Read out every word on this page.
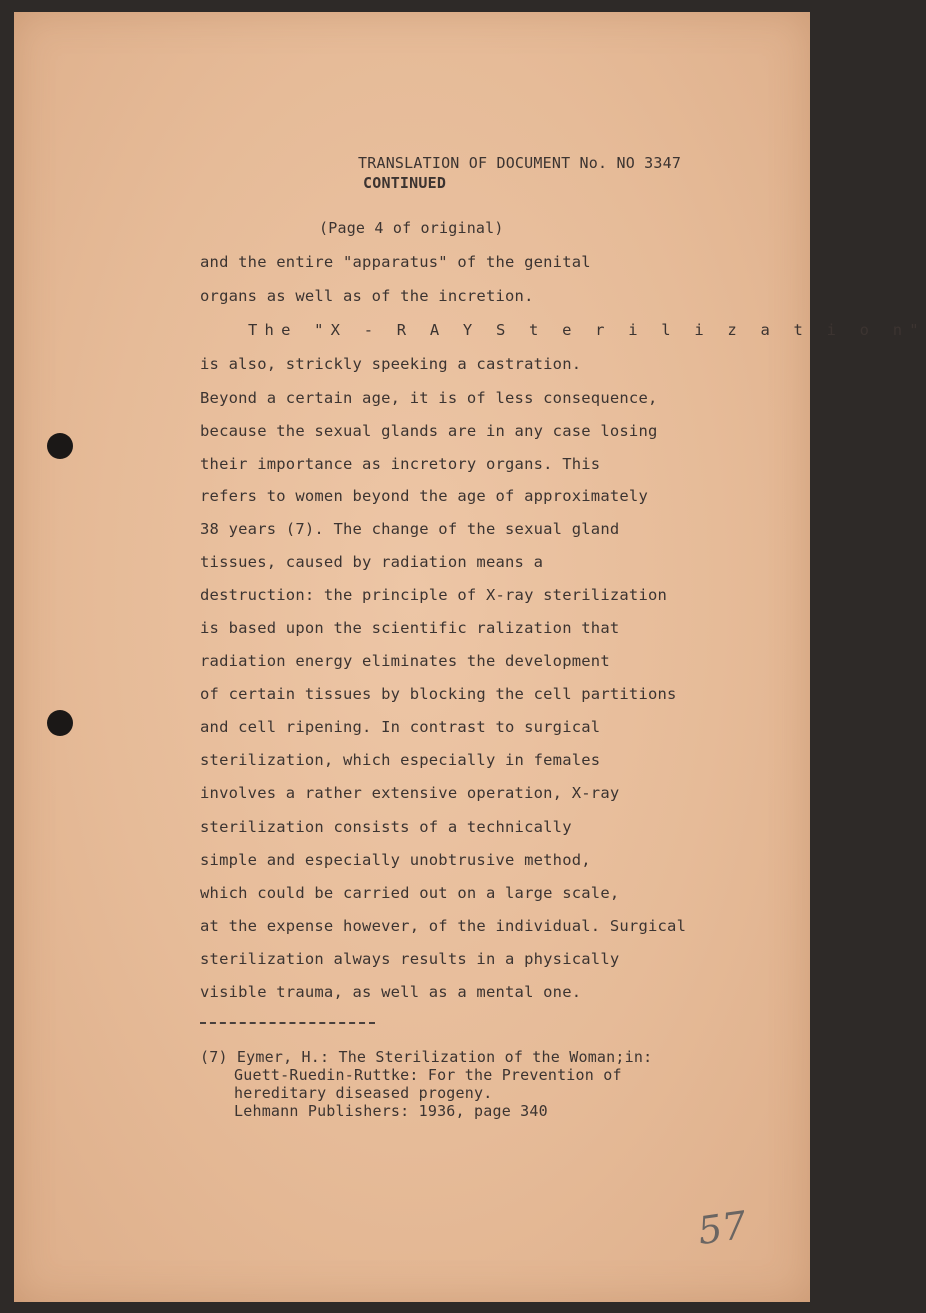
TRANSLATION OF DOCUMENT No. NO 3347

CONTINUED

(Page 4 of original)

and the entire "apparatus" of the genital

organs as well as of the incretion.

The "X - R A Y S t e r i l i z a t i o n"

is also, strickly speeking a castration.

Beyond a certain age, it is of less consequence,

because the sexual glands are in any case losing

their importance as incretory organs. This

refers to women beyond the age of approximately

38 years (7). The change of the sexual gland

tissues, caused by radiation means a

destruction: the principle of X-ray sterilization

is based upon the scientific ralization that

radiation energy eliminates the development

of certain tissues by blocking the cell partitions

and cell ripening. In contrast to surgical

sterilization, which especially in females

involves a rather extensive operation, X-ray

sterilization consists of a technically

simple and especially unobtrusive method,

which could be carried out on a large scale,

at the expense however, of the individual. Surgical

sterilization always results in a physically

visible trauma, as well as a mental one.

(7) Eymer, H.: The Sterilization of the Woman;in:

Guett-Ruedin-Ruttke: For the Prevention of

hereditary diseased progeny.

Lehmann Publishers: 1936, page 340

57
